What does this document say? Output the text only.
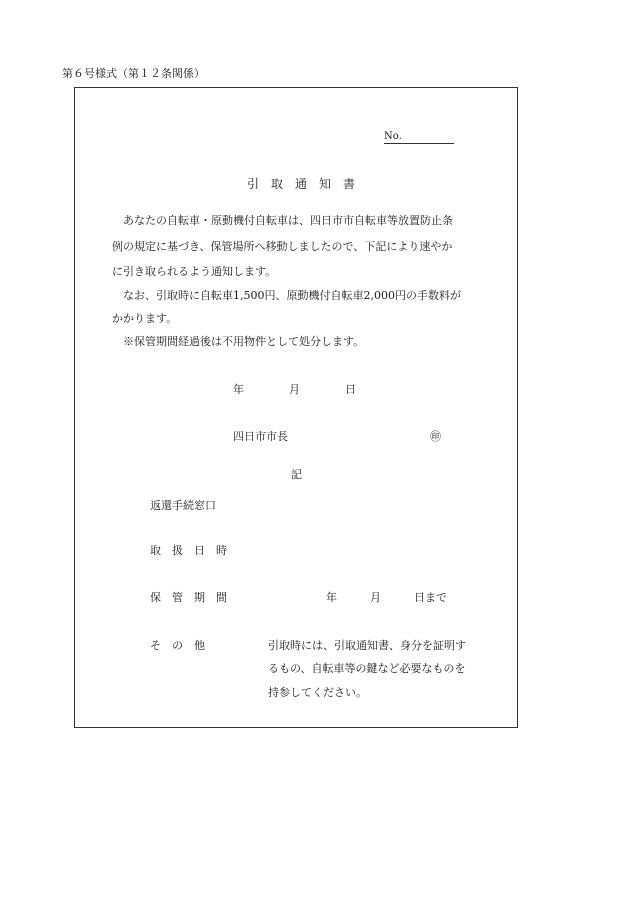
第６号様式（第１２条関係）
No.
引取通知書
　あなたの自転車・原動機付自転車は、四日市市自転車等放置防止条
例の規定に基づき、保管場所へ移動しましたので、下記により速やか
に引き取られるよう通知します。
　なお、引取時に自転車1,500円、原動機付自転車2,000円の手数料が
かかります。
　※保管期間経過後は不用物件として処分します。
年	月	日
四日市市長	㊞
記
返還手続窓口
取　扱　日　時
保　管　期　間	年　　　月　　　日まで
そ　の　他	引取時には、引取通知書、身分を証明す
るもの、自転車等の鍵など必要なものを
持参してください。
